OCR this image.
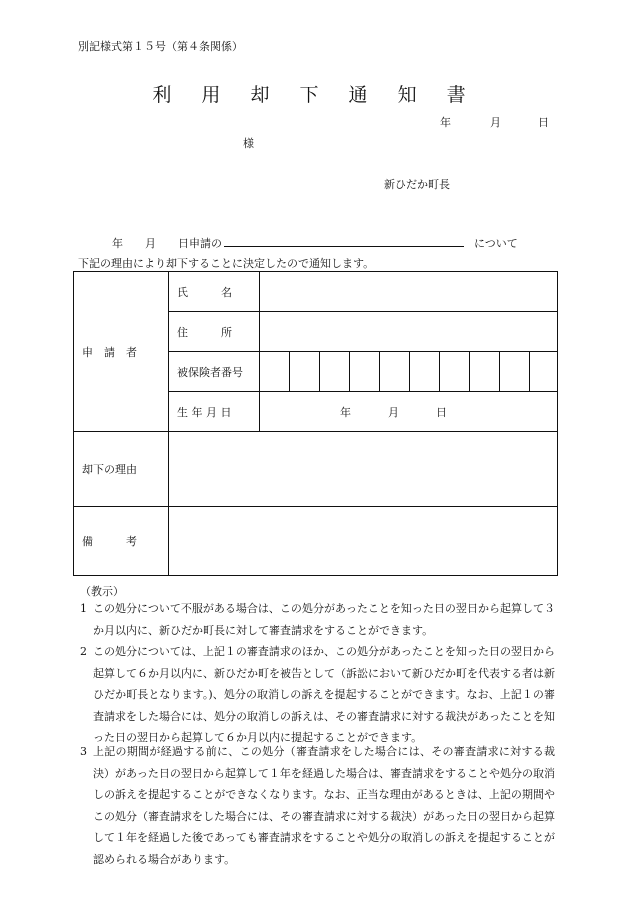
別記様式第１５号（第４条関係）
利 用 却 下 通 知 書
年	月	日
様
新ひだか町長
年　　月　　日申請の	について
下記の理由により却下することに決定したので通知します。
申　請　者	氏　　　名										
	住　　　所										
	被保険者番号										
	生 年 月 日	年 月 日									
却下の理由											
備　　　考											
（教示）
1 この処分について不服がある場合は、この処分があったことを知った日の翌日から起算して３か月以内に、新ひだか町長に対して審査請求をすることができます。
2 この処分については、上記１の審査請求のほか、この処分があったことを知った日の翌日から起算して６か月以内に、新ひだか町を被告として（訴訟において新ひだか町を代表する者は新ひだか町長となります。)、処分の取消しの訴えを提起することができます。なお、上記１の審査請求をした場合には、処分の取消しの訴えは、その審査請求に対する裁決があったことを知った日の翌日から起算して６か月以内に提起することができます。
3 上記の期間が経過する前に、この処分（審査請求をした場合には、その審査請求に対する裁決）があった日の翌日から起算して１年を経過した場合は、審査請求をすることや処分の取消しの訴えを提起することができなくなります。なお、正当な理由があるときは、上記の期間やこの処分（審査請求をした場合には、その審査請求に対する裁決）があった日の翌日から起算して１年を経過した後であっても審査請求をすることや処分の取消しの訴えを提起することが認められる場合があります。
